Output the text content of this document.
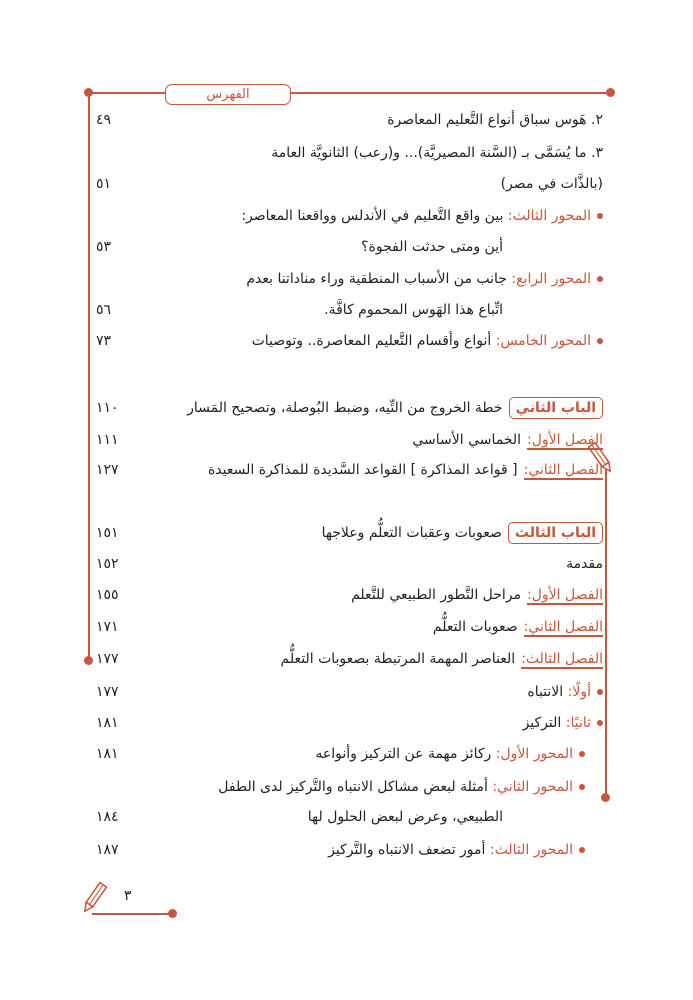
الفهرس
٢. هَوس سباق أنواع التَّعليم المعاصرة
٤٩
٣. ما يُسَمَّى بـ (السَّنة المصيريَّة)... و(رعب) الثانويَّة العامة
(بالذَّات في مصر)
٥١
المحور الثالث: بين واقع التَّعليم في الأندلس وواقعنا المعاصر:
أين ومتى حدثت الفجوة؟
٥٣
المحور الرابع: جانب من الأسباب المنطقية وراء مناداتنا بعدم
اتِّباع هذا الهَوس المحموم كافَّة.
٥٦
المحور الخامس: أنواع وأقسام التَّعليم المعاصرة.. وتوصيات
٧٣
الباب الثانيخطة الخروج من التِّيه، وضبط البُوصلة، وتصحيح المَسار
١١٠
الفصل الأول:الخماسي الأساسي
١١١
الفصل الثاني:[ قواعد المذاكرة ] القواعد السَّديدة للمذاكرة السعيدة
١٢٧
الباب الثالثصعوبات وعقبات التعلُّم وعلاجها
١٥١
مقدمة
١٥٢
الفصل الأول:مراحل التَّطور الطبيعي للتَّعلم
١٥٥
الفصل الثاني:صعوبات التعلُّم
١٧١
الفصل الثالث:العناصر المهمة المرتبطة بصعوبات التعلُّم
١٧٧
أولًا: الانتباه
١٧٧
ثانيًا: التركيز
١٨١
المحور الأول: ركائز مهمة عن التركيز وأنواعه
١٨١
المحور الثاني: أمثلة لبعض مشاكل الانتباه والتَّركيز لدى الطفل
الطبيعي، وعرض لبعض الحلول لها
١٨٤
المحور الثالث: أمور تضعف الانتباه والتَّركيز
١٨٧
٣
